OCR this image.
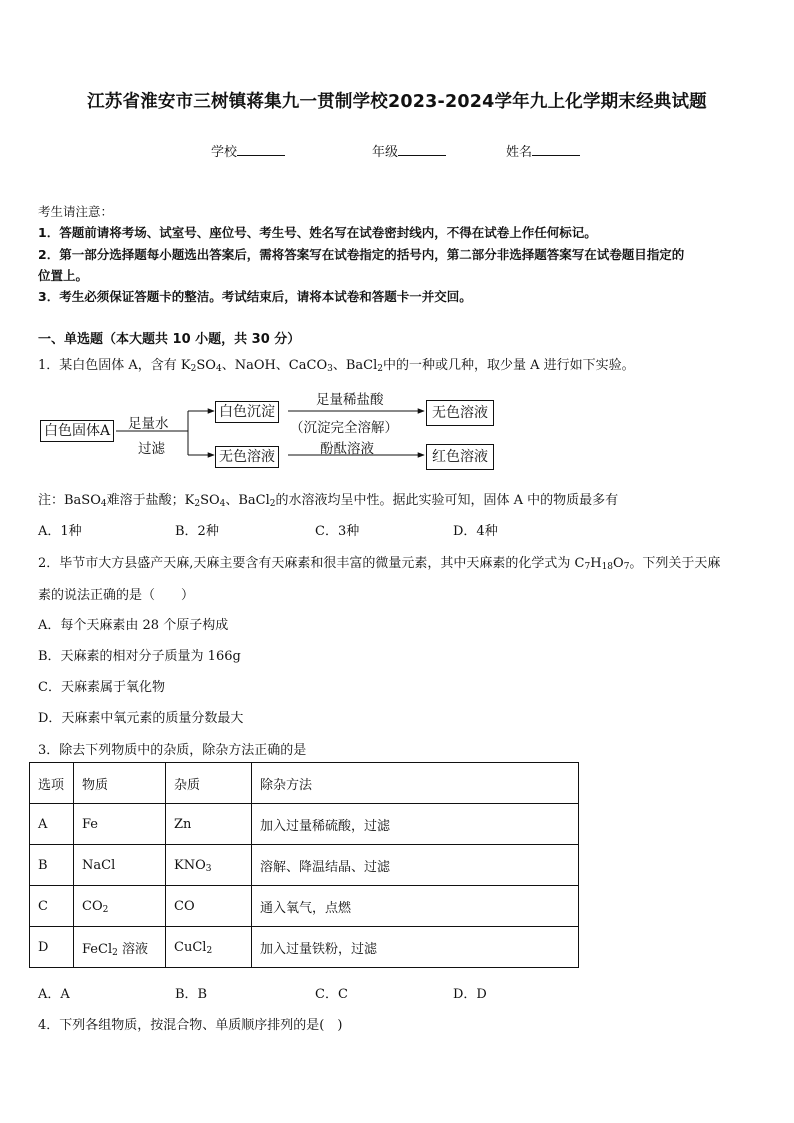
江苏省淮安市三树镇蒋集九一贯制学校2023-2024学年九上化学期末经典试题
学校	年级	姓名
考生请注意：
1．答题前请将考场、试室号、座位号、考生号、姓名写在试卷密封线内，不得在试卷上作任何标记。
2．第一部分选择题每小题选出答案后，需将答案写在试卷指定的括号内，第二部分非选择题答案写在试卷题目指定的
位置上。
3．考生必须保证答题卡的整洁。考试结束后，请将本试卷和答题卡一并交回。
一、单选题（本大题共 10 小题，共 30 分）
1．某白色固体 A，含有 $K_2SO_4$、NaOH、CaCO$_3$、BaCl$_2$中的一种或几种，取少量 A 进行如下实验。
白色固体A 足量水
过滤
白色沉淀
无色溶液
足量稀盐酸
（沉淀完全溶解）
酚酞溶液
无色溶液
红色溶液
注：BaSO$_4$难溶于盐酸；$K_2SO_4$、BaCl$_2$的水溶液均呈中性。据此实验可知，固体 A 中的物质最多有
A．1种	B．2种	C．3种	D．4种
2．毕节市大方县盛产天麻,天麻主要含有天麻素和很丰富的微量元素，其中天麻素的化学式为 $C_7H_{18}O_7$。下列关于天麻
素的说法正确的是（　　）
A．每个天麻素由 28 个原子构成
B．天麻素的相对分子质量为 166g
C．天麻素属于氧化物
D．天麻素中氧元素的质量分数最大
3．除去下列物质中的杂质，除杂方法正确的是
选项	物质	杂质	除杂方法
A	Fe	Zn	加入过量稀硫酸，过滤
B	NaCl	$KNO_3$	溶解、降温结晶、过滤
C	$CO_2$	CO	通入氧气，点燃
D	FeCl$_2$ 溶液	CuCl$_2$	加入过量铁粉，过滤
A．A	B．B	C．C	D．D
4．下列各组物质，按混合物、单质顺序排列的是(　)
